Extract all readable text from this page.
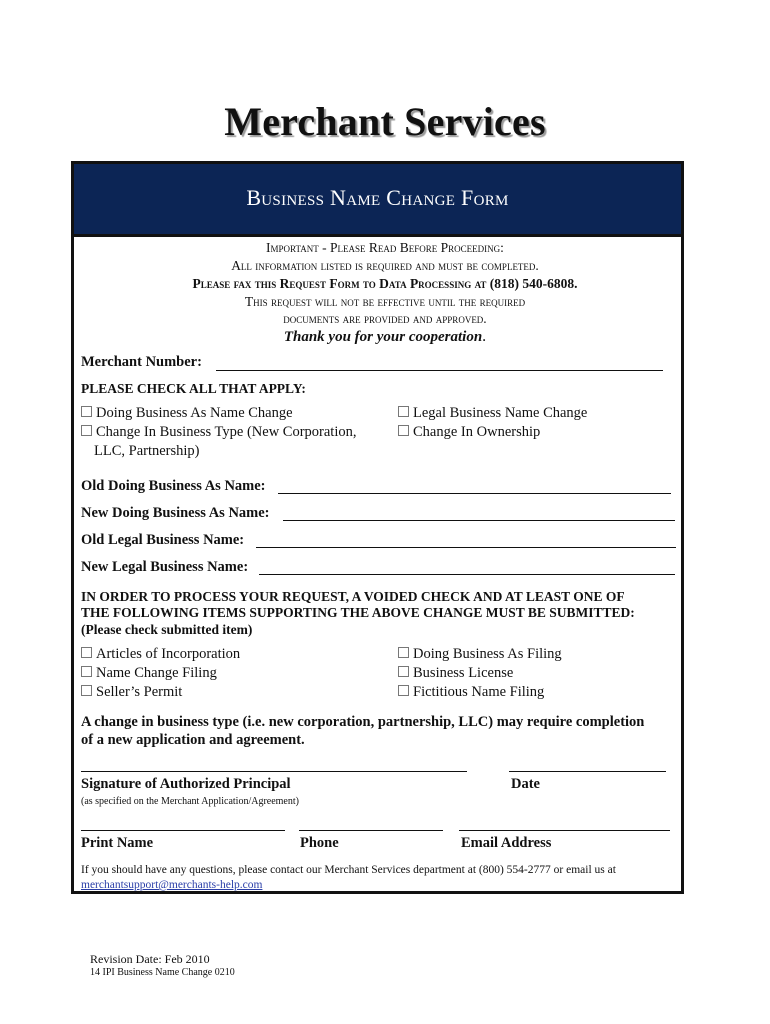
Merchant Services
Business Name Change Form
Important - Please Read Before Proceeding:
All information listed is required and must be completed.
Please fax this Request Form to Data Processing at (818) 540-6808.
This request will not be effective until the required
documents are provided and approved.
Thank you for your cooperation.
Merchant Number:
PLEASE CHECK ALL THAT APPLY:
Doing Business As Name Change
Change In Business Type (New Corporation,
LLC, Partnership)
Legal Business Name Change
Change In Ownership
Old Doing Business As Name:
New Doing Business As Name:
Old Legal Business Name:
New Legal Business Name:
IN ORDER TO PROCESS YOUR REQUEST, A VOIDED CHECK AND AT LEAST ONE OF
THE FOLLOWING ITEMS SUPPORTING THE ABOVE CHANGE MUST BE SUBMITTED:
(Please check submitted item)
Articles of Incorporation
Name Change Filing
Seller’s Permit
Doing Business As Filing
Business License
Fictitious Name Filing
A change in business type (i.e. new corporation, partnership, LLC) may require completion
of a new application and agreement.
Signature of Authorized Principal	Date
(as specified on the Merchant Application/Agreement)
Print Name	Phone	Email Address
If you should have any questions, please contact our Merchant Services department at (800) 554-2777 or email us at
merchantsupport@merchants-help.com
Revision Date: Feb 2010
14 IPI Business Name Change 0210
